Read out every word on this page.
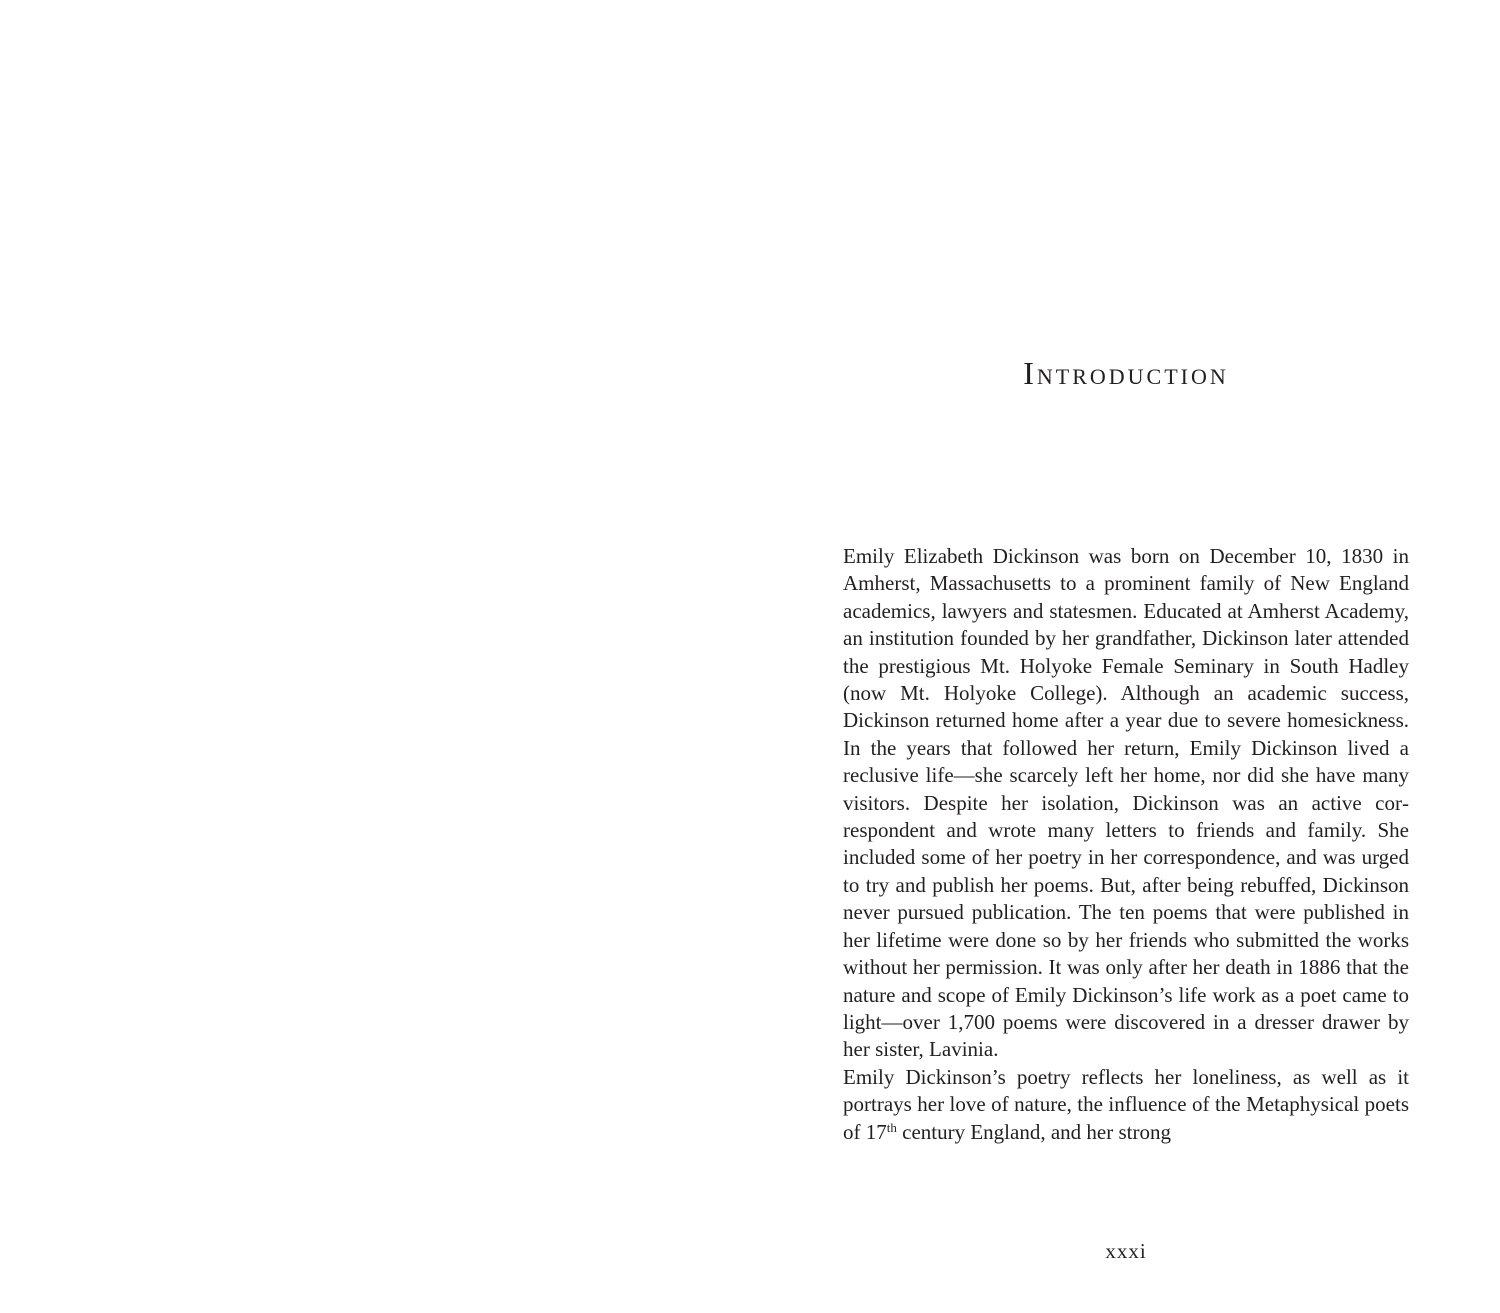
Introduction

Emily Elizabeth Dickinson was born on December 10, 1830 in Amherst, Massachusetts to a prominent family of New England academics, lawyers and statesmen. Educated at Amherst Academy, an institution founded by her grandfather, Dickinson later attended the prestigious Mt. Holyoke Female Seminary in South Hadley (now Mt. Holyoke College). Although an academic success, Dickinson returned home after a year due to severe homesickness. In the years that followed her return, Emily Dickinson lived a reclusive life—she scarcely left her home, nor did she have many visitors. Despite her isolation, Dickinson was an active correspondent and wrote many letters to friends and family. She included some of her poetry in her correspondence, and was urged to try and publish her poems. But, after being rebuffed, Dickinson never pursued publication. The ten poems that were published in her lifetime were done so by her friends who submitted the works without her permission. It was only after her death in 1886 that the nature and scope of Emily Dickinson’s life work as a poet came to light—over 1,700 poems were discovered in a dresser drawer by her sister, Lavinia.

Emily Dickinson’s poetry reflects her loneliness, as well as it portrays her love of nature, the influence of the Metaphysical poets of 17th century England, and her strong

xxxi
